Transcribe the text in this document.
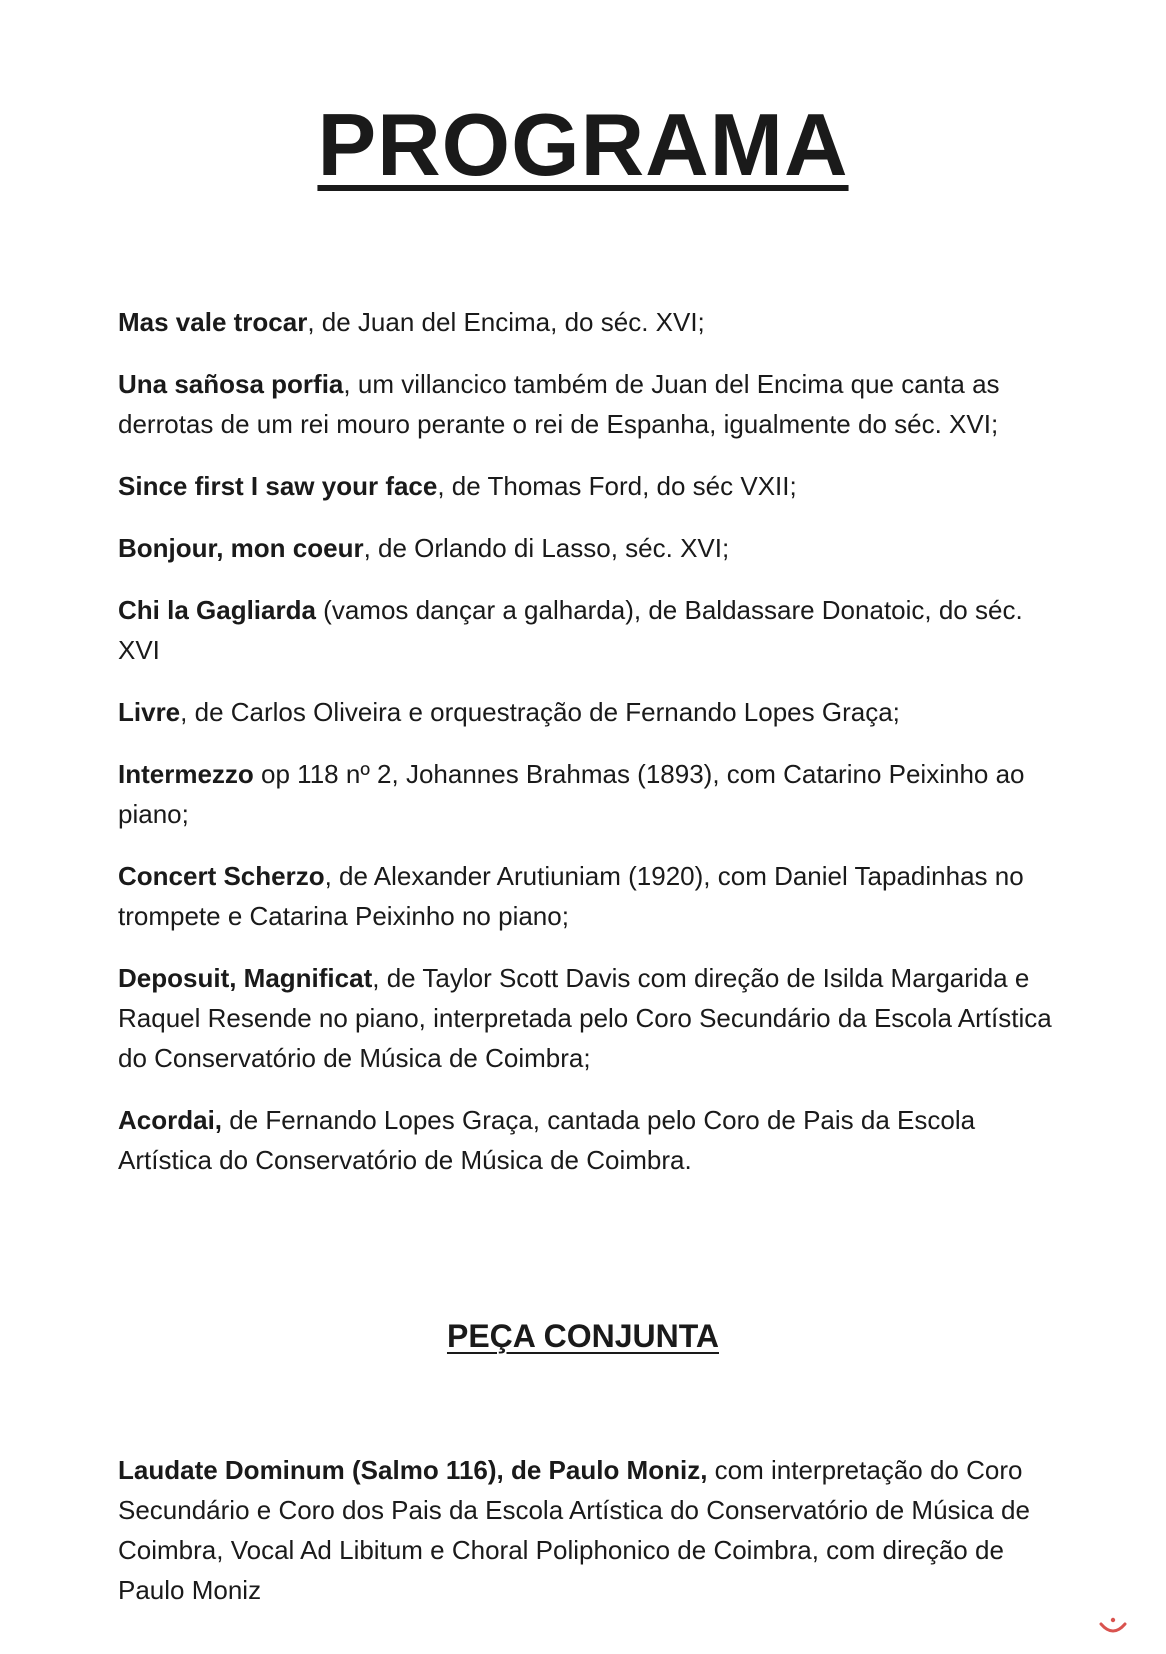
PROGRAMA
Mas vale trocar, de Juan del Encima, do séc. XVI;
Una sañosa porfia, um villancico também de Juan del Encima que canta as derrotas de um rei mouro perante o rei de Espanha, igualmente do séc. XVI;
Since first I saw your face, de Thomas Ford, do séc VXII;
Bonjour, mon coeur, de Orlando di Lasso, séc. XVI;
Chi la Gagliarda (vamos dançar a galharda), de Baldassare Donatoic, do séc. XVI
Livre, de Carlos Oliveira e orquestração de Fernando Lopes Graça;
Intermezzo op 118 nº 2, Johannes Brahmas (1893), com Catarino Peixinho ao piano;
Concert Scherzo, de Alexander Arutiuniam (1920), com Daniel Tapadinhas no trompete e Catarina Peixinho no piano;
Deposuit, Magnificat, de Taylor Scott Davis com direção de Isilda Margarida e Raquel Resende no piano, interpretada pelo Coro Secundário da Escola Artística do Conservatório de Música de Coimbra;
Acordai, de Fernando Lopes Graça, cantada pelo Coro de Pais da Escola Artística do Conservatório de Música de Coimbra.
PEÇA CONJUNTA

Laudate Dominum (Salmo 116), de Paulo Moniz, com interpretação do Coro Secundário e Coro dos Pais da Escola Artística do Conservatório de Música de Coimbra, Vocal Ad Libitum e Choral Poliphonico de Coimbra, com direção de Paulo Moniz
